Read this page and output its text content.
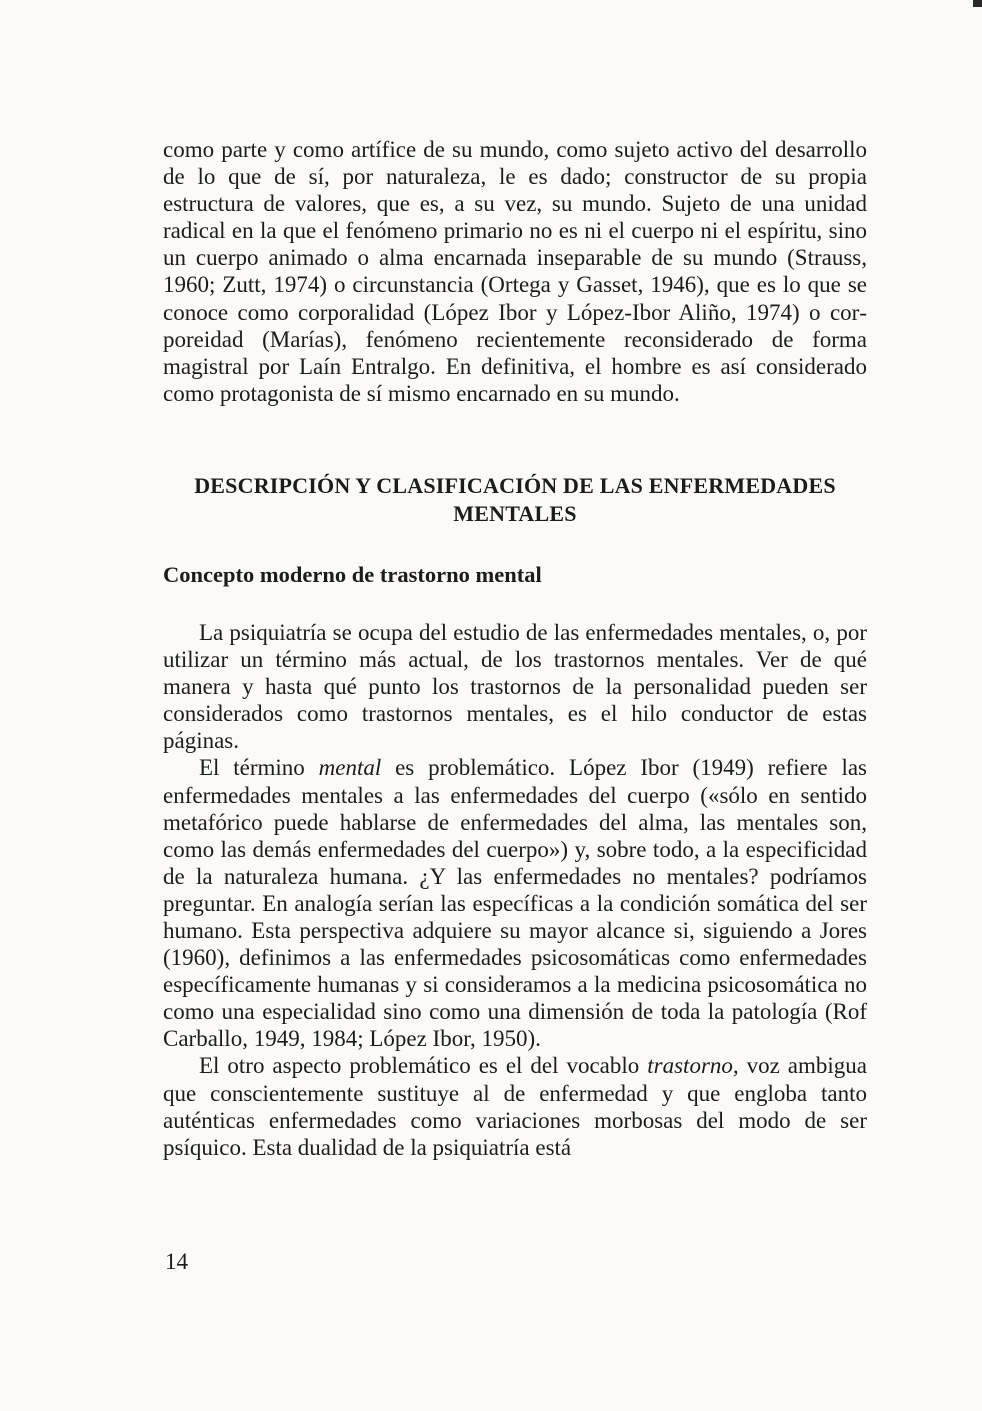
como parte y como artífice de su mundo, como sujeto activo del desarrollo de lo que de sí, por naturaleza, le es dado; constructor de su propia estructura de valores, que es, a su vez, su mundo. Sujeto de una unidad radical en la que el fenómeno primario no es ni el cuerpo ni el espíritu, sino un cuerpo animado o alma encarnada inseparable de su mundo (Strauss, 1960; Zutt, 1974) o circunstancia (Ortega y Gasset, 1946), que es lo que se conoce como corporalidad (López Ibor y López-Ibor Aliño, 1974) o corporeidad (Marías), fenómeno recientemente reconsiderado de forma magistral por Laín Entralgo. En definitiva, el hombre es así considerado como protagonista de sí mismo encarnado en su mundo.

DESCRIPCIÓN Y CLASIFICACIÓN DE LAS ENFERMEDADES
MENTALES
Concepto moderno de trastorno mental

La psiquiatría se ocupa del estudio de las enfermedades mentales, o, por utilizar un término más actual, de los trastornos mentales. Ver de qué manera y hasta qué punto los trastornos de la personalidad pueden ser considerados como trastornos mentales, es el hilo conductor de estas páginas.

El término mental es problemático. López Ibor (1949) refiere las enfermedades mentales a las enfermedades del cuerpo («sólo en sentido metafórico puede hablarse de enfermedades del alma, las mentales son, como las demás enfermedades del cuerpo») y, sobre todo, a la especificidad de la naturaleza humana. ¿Y las enfermedades no mentales? podríamos preguntar. En analogía serían las específicas a la condición somática del ser humano. Esta perspectiva adquiere su mayor alcance si, siguiendo a Jores (1960), definimos a las enfermedades psicosomáticas como enfermedades específicamente humanas y si consideramos a la medicina psicosomática no como una especialidad sino como una dimensión de toda la patología (Rof Carballo, 1949, 1984; López Ibor, 1950).

El otro aspecto problemático es el del vocablo trastorno, voz ambigua que conscientemente sustituye al de enfermedad y que engloba tanto auténticas enfermedades como variaciones morbosas del modo de ser psíquico. Esta dualidad de la psiquiatría está

14
